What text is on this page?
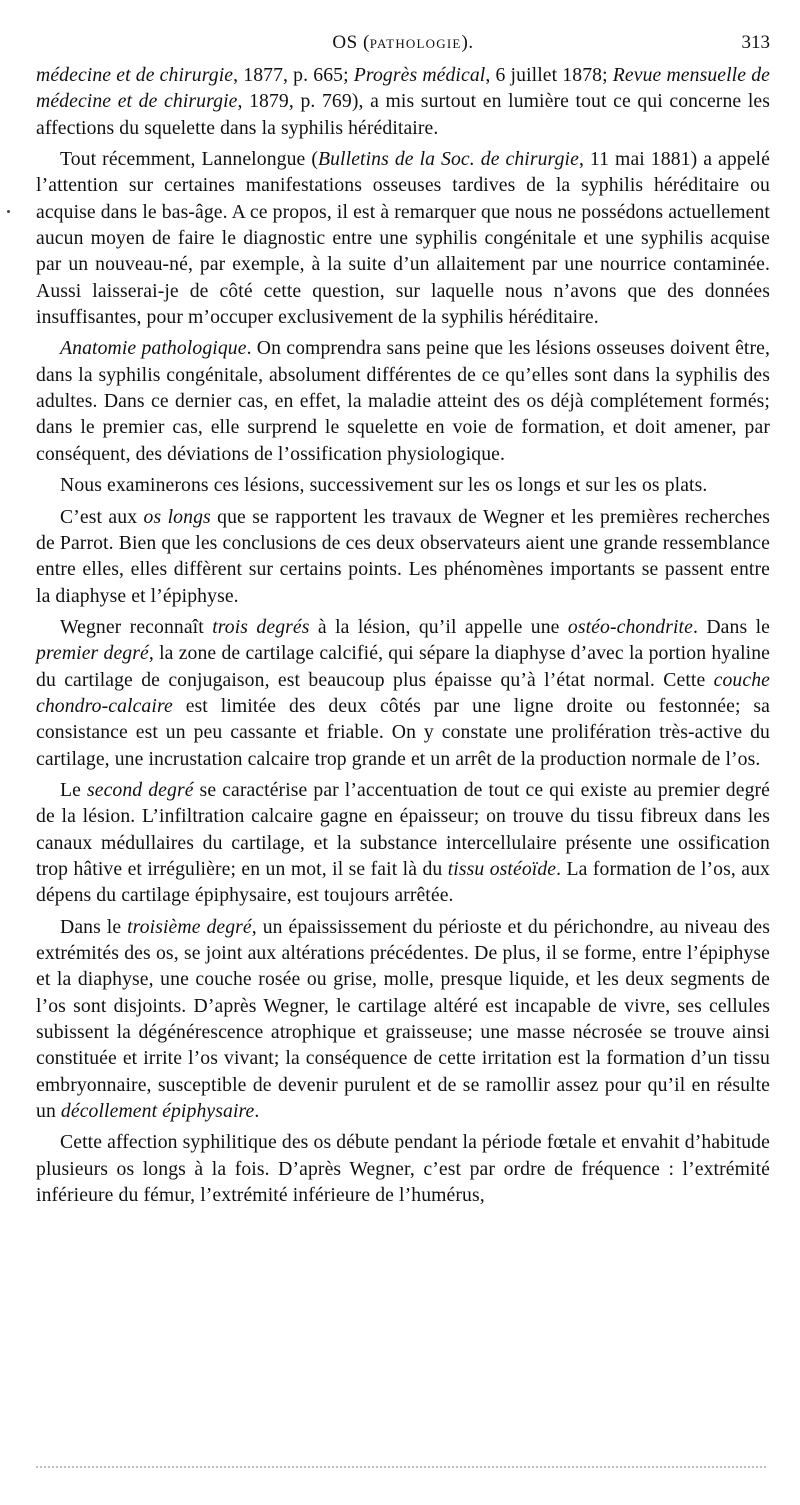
OS (PATHOLOGIE).	313

médecine et de chirurgie, 1877, p. 665; Progrès médical, 6 juillet 1878; Revue mensuelle de médecine et de chirurgie, 1879, p. 769), a mis surtout en lumière tout ce qui concerne les affections du squelette dans la syphilis héréditaire.

Tout récemment, Lannelongue (Bulletins de la Soc. de chirurgie, 11 mai 1881) a appelé l’attention sur certaines manifestations osseuses tardives de la syphilis héréditaire ou acquise dans le bas-âge. A ce propos, il est à remarquer que nous ne possédons actuellement aucun moyen de faire le diagnostic entre une syphilis congénitale et une syphilis acquise par un nouveau-né, par exemple, à la suite d’un allaitement par une nourrice contaminée. Aussi laisserai-je de côté cette question, sur laquelle nous n’avons que des données insuffisantes, pour m’occuper exclusivement de la syphilis héréditaire.

Anatomie pathologique. On comprendra sans peine que les lésions osseuses doivent être, dans la syphilis congénitale, absolument différentes de ce qu’elles sont dans la syphilis des adultes. Dans ce dernier cas, en effet, la maladie atteint des os déjà complétement formés; dans le premier cas, elle surprend le squelette en voie de formation, et doit amener, par conséquent, des déviations de l’ossification physiologique.

Nous examinerons ces lésions, successivement sur les os longs et sur les os plats.

C’est aux os longs que se rapportent les travaux de Wegner et les premières recherches de Parrot. Bien que les conclusions de ces deux observateurs aient une grande ressemblance entre elles, elles diffèrent sur certains points. Les phénomènes importants se passent entre la diaphyse et l’épiphyse.

Wegner reconnaît trois degrés à la lésion, qu’il appelle une ostéo-chondrite. Dans le premier degré, la zone de cartilage calcifié, qui sépare la diaphyse d’avec la portion hyaline du cartilage de conjugaison, est beaucoup plus épaisse qu’à l’état normal. Cette couche chondro-calcaire est limitée des deux côtés par une ligne droite ou festonnée; sa consistance est un peu cassante et friable. On y constate une prolifération très-active du cartilage, une incrustation calcaire trop grande et un arrêt de la production normale de l’os.

Le second degré se caractérise par l’accentuation de tout ce qui existe au premier degré de la lésion. L’infiltration calcaire gagne en épaisseur; on trouve du tissu fibreux dans les canaux médullaires du cartilage, et la substance intercellulaire présente une ossification trop hâtive et irrégulière; en un mot, il se fait là du tissu ostéoïde. La formation de l’os, aux dépens du cartilage épiphysaire, est toujours arrêtée.

Dans le troisième degré, un épaississement du périoste et du périchondre, au niveau des extrémités des os, se joint aux altérations précédentes. De plus, il se forme, entre l’épiphyse et la diaphyse, une couche rosée ou grise, molle, presque liquide, et les deux segments de l’os sont disjoints. D’après Wegner, le cartilage altéré est incapable de vivre, ses cellules subissent la dégénérescence atrophique et graisseuse; une masse nécrosée se trouve ainsi constituée et irrite l’os vivant; la conséquence de cette irritation est la formation d’un tissu embryonnaire, susceptible de devenir purulent et de se ramollir assez pour qu’il en résulte un décollement épiphysaire.

Cette affection syphilitique des os débute pendant la période fœtale et envahit d’habitude plusieurs os longs à la fois. D’après Wegner, c’est par ordre de fréquence : l’extrémité inférieure du fémur, l’extrémité inférieure de l’humérus,
